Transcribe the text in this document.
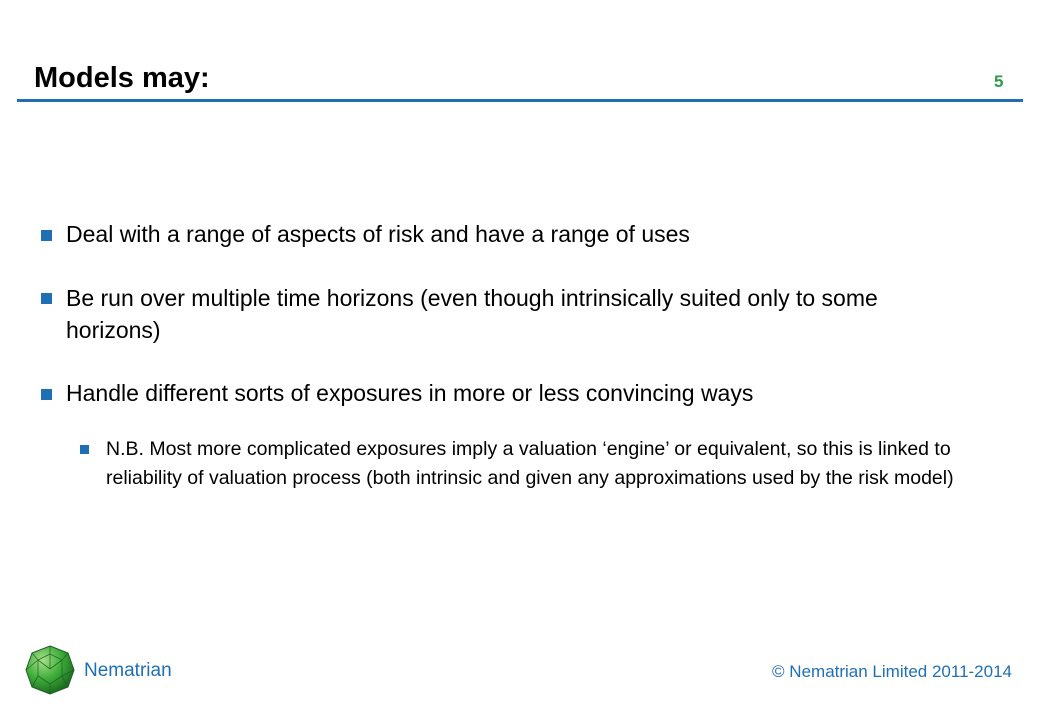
Models may:	5
Deal with a range of aspects of risk and have a range of uses
Be run over multiple time horizons (even though intrinsically suited only to some horizons)
Handle different sorts of exposures in more or less convincing ways
N.B. Most more complicated exposures imply a valuation ‘engine’ or equivalent, so this is linked to reliability of valuation process (both intrinsic and given any approximations used by the risk model)
Nematrian	© Nematrian Limited 2011-2014
